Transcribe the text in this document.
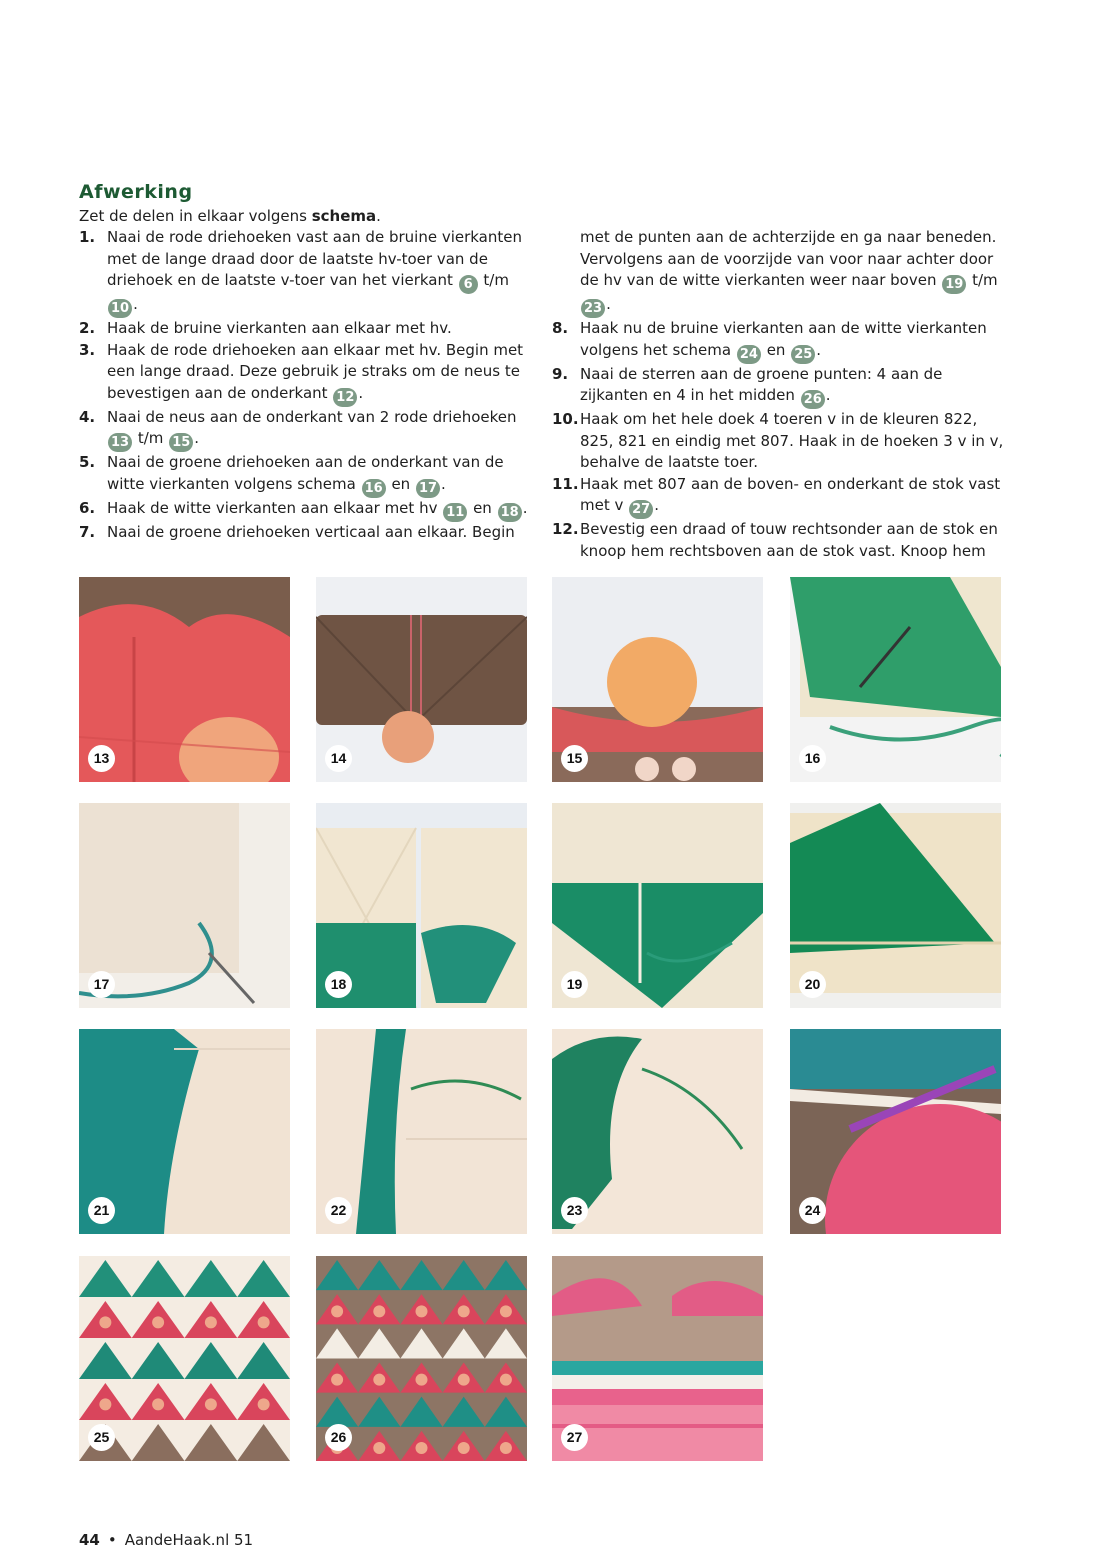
Afwerking
Zet de delen in elkaar volgens schema.
1. Naai de rode driehoeken vast aan de bruine vierkanten met de lange draad door de laatste hv-toer van de driehoek en de laatste v-toer van het vierkant 6 t/m 10 .
2. Haak de bruine vierkanten aan elkaar met hv.
3. Haak de rode driehoeken aan elkaar met hv. Begin met een lange draad. Deze gebruik je straks om de neus te bevestigen aan de onderkant 12 .
4. Naai de neus aan de onderkant van 2 rode driehoeken 13 t/m 15 .
5. Naai de groene driehoeken aan de onderkant van de witte vierkanten volgens schema 16 en 17 .
6. Haak de witte vierkanten aan elkaar met hv 11 en 18 .
7. Naai de groene driehoeken verticaal aan elkaar. Begin
met de punten aan de achterzijde en ga naar beneden. Vervolgens aan de voorzijde van voor naar achter door de hv van de witte vierkanten weer naar boven 19 t/m 23 .
8. Haak nu de bruine vierkanten aan de witte vierkanten volgens het schema 24 en 25 .
9. Naai de sterren aan de groene punten: 4 aan de zijkanten en 4 in het midden 26 .
10. Haak om het hele doek 4 toeren v in de kleuren 822, 825, 821 en eindig met 807. Haak in de hoeken 3 v in v, behalve de laatste toer.
11. Haak met 807 aan de boven- en onderkant de stok vast met v 27 .
12. Bevestig een draad of touw rechtsonder aan de stok en knoop hem rechtsboven aan de stok vast. Knoop hem
13	14	15	16
17	18	19	20
21	22	23	24
25	26	27
44 • AandeHaak.nl 51
